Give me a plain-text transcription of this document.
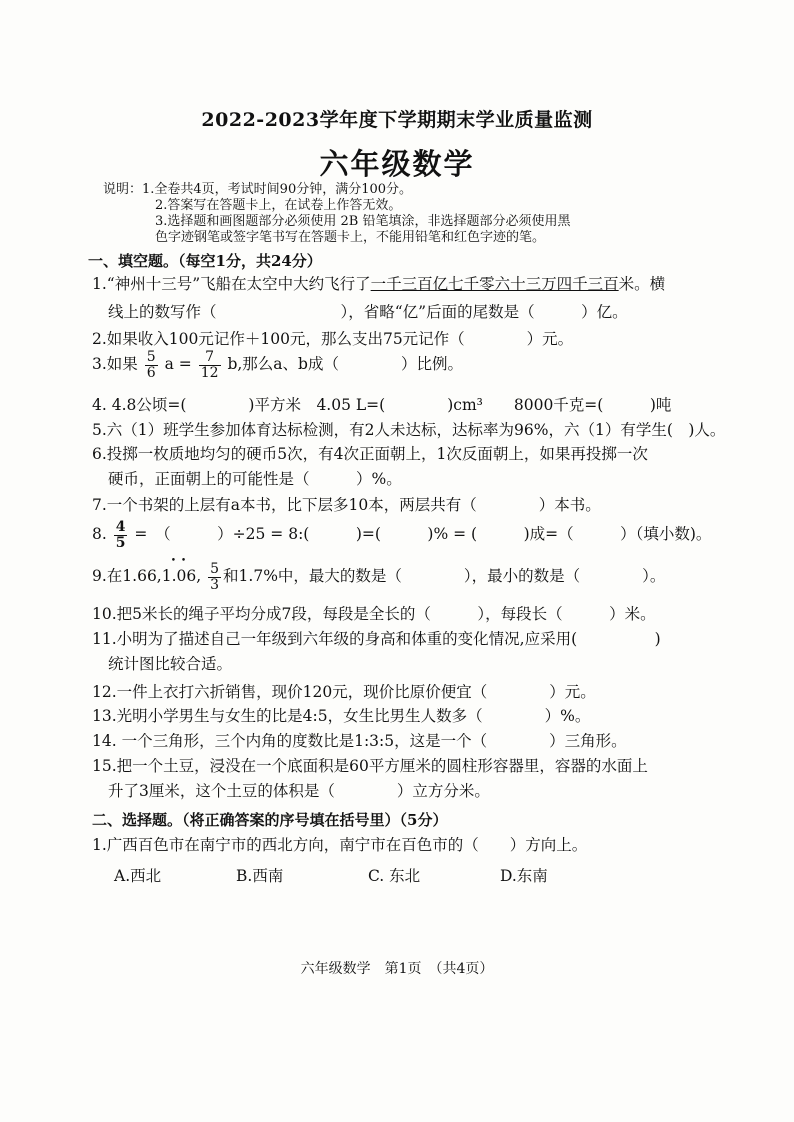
2022-2023学年度下学期期末学业质量监测
六年级数学
说明： 1.全卷共4页，考试时间90分钟，满分100分。
2.答案写在答题卡上，在试卷上作答无效。
3.选择题和画图题部分必须使用 2B 铅笔填涂，非选择题部分必须使用黑
色字迹钢笔或签字笔书写在答题卡上，不能用铅笔和红色字迹的笔。
一、填空题。（每空1分，共24分）
1.“神州十三号”飞船在太空中大约飞行了一千三百亿七千零六十三万四千三百米。横
线上的数写作（　　　　　　　　），省略“亿”后面的尾数是（　　　）亿。
2.如果收入100元记作＋100元，那么支出75元记作（　　　　）元。
3.如果 $\frac{5}{6}$ $a = \frac{7}{12} b$,那么a、b成（　　　　）比例。
4. 4.8公顷=(　　　　)平方米　4.05 L=(　　　　)cm³　　8000千克=(　　　)吨
5.六（1）班学生参加体育达标检测，有2人未达标，达标率为96%，六（1）有学生(　)人。
6.投掷一枚质地均匀的硬币5次，有4次正面朝上，1次反面朝上，如果再投掷一次
硬币，正面朝上的可能性是（　　　）%。
7.一个书架的上层有a本书，比下层多10本，两层共有（　　　　）本书。
8. $\frac{4}{5}$ =　（　　　）÷25 = 8:(　　　)=(　　　)% = (　　　)成=（　　　）（填小数)。
9.在1.66,
• •
1.06, $\frac{5}{3}$ 和1.7%中，最大的数是（　　　　），最小的数是（　　　　）。
10.把5米长的绳子平均分成7段，每段是全长的（　　　），每段长（　　　）米。
11.小明为了描述自己一年级到六年级的身高和体重的变化情况,应采用(　　　　　)
统计图比较合适。
12.一件上衣打六折销售，现价120元，现价比原价便宜（　　　　）元。
13.光明小学男生与女生的比是4:5，女生比男生人数多（　　　　）%。
14. 一个三角形，三个内角的度数比是1:3:5，这是一个（　　　　）三角形。
15.把一个土豆，浸没在一个底面积是60平方厘米的圆柱形容器里，容器的水面上
升了3厘米，这个土豆的体积是（　　　　）立方分米。
二、选择题。（将正确答案的序号填在括号里）（5分）
1.广西百色市在南宁市的西北方向，南宁市在百色市的（　　）方向上。
A.西北	B.西南	C. 东北	D.东南
六年级数学　第1页　（共4页）
